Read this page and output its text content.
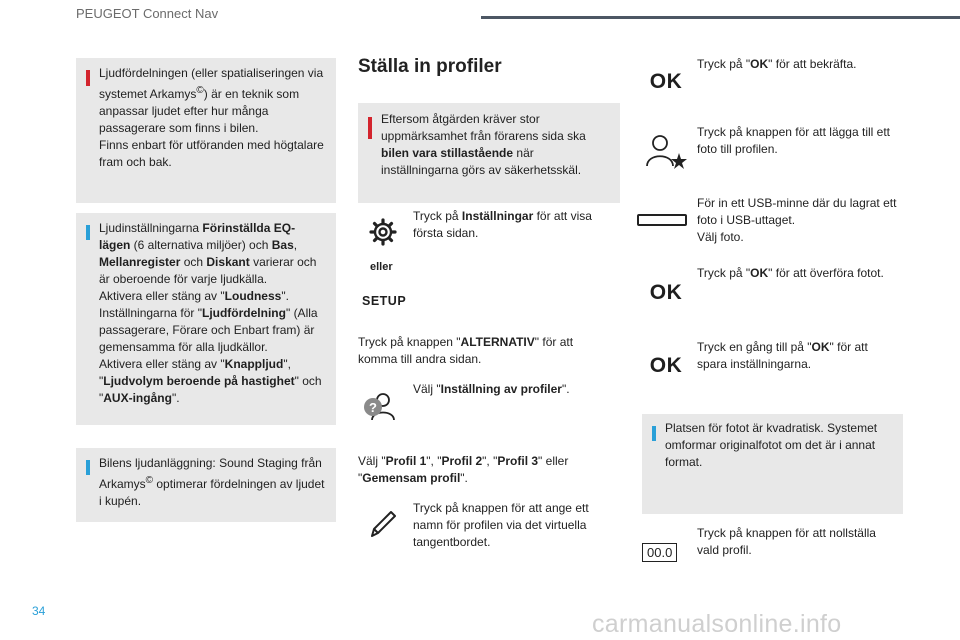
PEUGEOT Connect Nav
Ljudfördelningen (eller spatialiseringen via systemet Arkamys©) är en teknik som anpassar ljudet efter hur många passagerare som finns i bilen.
Finns enbart för utföranden med högtalare fram och bak.
Ljudinställningarna Förinställda EQ-lägen (6 alternativa miljöer) och Bas, Mellanregister och Diskant varierar och är oberoende för varje ljudkälla.
Aktivera eller stäng av "Loudness".
Inställningarna för "Ljudfördelning" (Alla passagerare, Förare och Enbart fram) är gemensamma för alla ljudkällor.
Aktivera eller stäng av "Knappljud", "Ljudvolym beroende på hastighet" och "AUX-ingång".
Bilens ljudanläggning: Sound Staging från Arkamys© optimerar fördelningen av ljudet i kupén.
Ställa in profiler
Eftersom åtgärden kräver stor uppmärksamhet från förarens sida ska bilen vara stillastående när inställningarna görs av säkerhetsskäl.
Tryck på Inställningar för att visa första sidan.
eller
SETUP
Tryck på knappen "ALTERNATIV" för att komma till andra sidan.
?
Välj "Inställning av profiler".
Välj "Profil 1", "Profil 2", "Profil 3" eller "Gemensam profil".
Tryck på knappen för att ange ett namn för profilen via det virtuella tangentbordet.
OK
Tryck på "OK" för att bekräfta.
Tryck på knappen för att lägga till ett foto till profilen.
För in ett USB-minne där du lagrat ett foto i USB-uttaget.
Välj foto.
OK
Tryck på "OK" för att överföra fotot.
OK
Tryck en gång till på "OK" för att spara inställningarna.
Platsen för fotot är kvadratisk. Systemet omformar originalfotot om det är i annat format.
00.0
Tryck på knappen för att nollställa vald profil.
34	carmanualsonline.info
